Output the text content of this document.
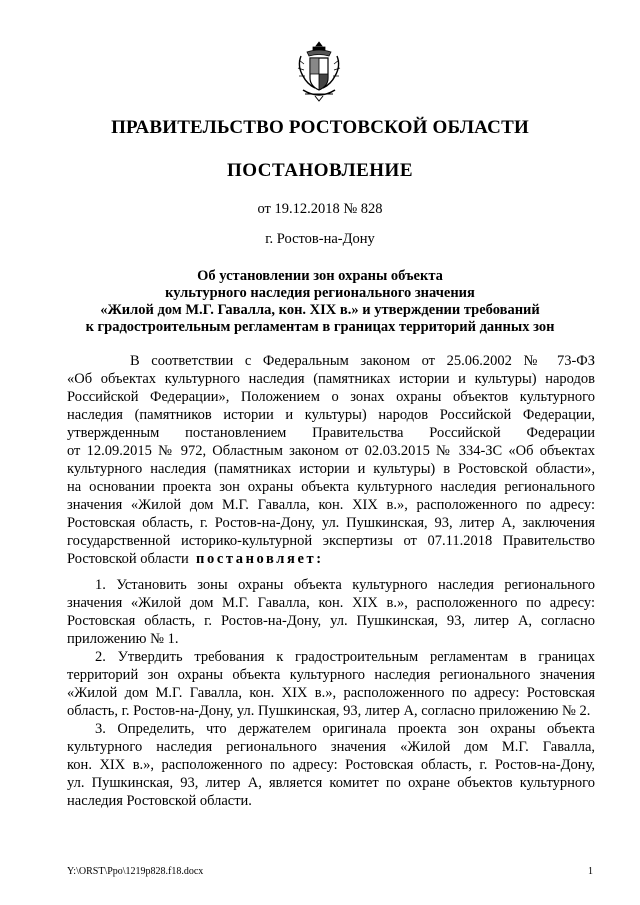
ПРАВИТЕЛЬСТВО РОСТОВСКОЙ ОБЛАСТИ
ПОСТАНОВЛЕНИЕ
от 19.12.2018 № 828
г. Ростов-на-Дону
Об установлении зон охраны объекта
культурного наследия регионального значения
«Жилой дом М.Г. Гавалла, кон. XIX в.» и утверждении требований
к градостроительным регламентам в границах территорий данных зон
В соответствии с Федеральным законом от 25.06.2002 № 73-ФЗ
«Об объектах культурного наследия (памятниках истории и культуры) народов
Российской Федерации», Положением о зонах охраны объектов культурного
наследия (памятников истории и культуры) народов Российской Федерации,
утвержденным постановлением Правительства Российской Федерации
от 12.09.2015 № 972, Областным законом от 02.03.2015 № 334-ЗС «Об объектах
культурного наследия (памятниках истории и культуры) в Ростовской области»,
на основании проекта зон охраны объекта культурного наследия регионального
значения «Жилой дом М.Г. Гавалла, кон. XIX в.», расположенного по адресу:
Ростовская область, г. Ростов-на-Дону, ул. Пушкинская, 93, литер А, заключения
государственной историко-культурной экспертизы от 07.11.2018 Правительство
Ростовской области постановляет:
1. Установить зоны охраны объекта культурного наследия регионального
значения «Жилой дом М.Г. Гавалла, кон. XIX в.», расположенного по адресу:
Ростовская область, г. Ростов-на-Дону, ул. Пушкинская, 93, литер А, согласно
приложению № 1.
2. Утвердить требования к градостроительным регламентам в границах
территорий зон охраны объекта культурного наследия регионального значения
«Жилой дом М.Г. Гавалла, кон. XIX в.», расположенного по адресу: Ростовская
область, г. Ростов-на-Дону, ул. Пушкинская, 93, литер А, согласно приложению № 2.
3. Определить, что держателем оригинала проекта зон охраны объекта
культурного наследия регионального значения «Жилой дом М.Г. Гавалла,
кон. XIX в.», расположенного по адресу: Ростовская область, г. Ростов-на-Дону,
ул. Пушкинская, 93, литер А, является комитет по охране объектов культурного
наследия Ростовской области.
Y:\ORST\Ppo\1219p828.f18.docx	1
